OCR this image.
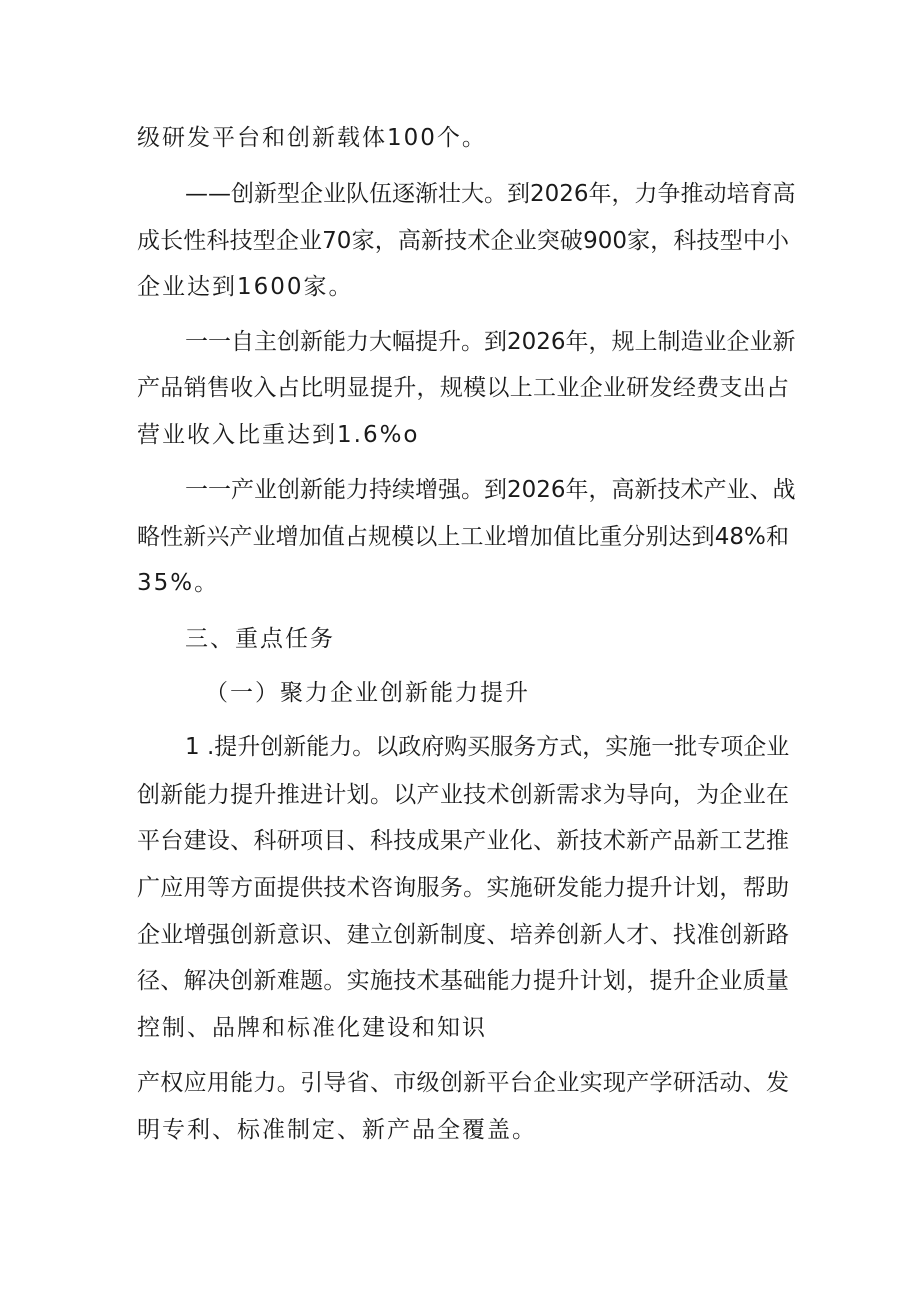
级研发平台和创新载体100个。
——创新型企业队伍逐渐壮大。到2026年，力争推动培育高
成长性科技型企业70家，高新技术企业突破900家，科技型中小
企业达到1600家。
一一自主创新能力大幅提升。到2026年，规上制造业企业新
产品销售收入占比明显提升，规模以上工业企业研发经费支出占
营业收入比重达到1.6%o
一一产业创新能力持续增强。到2026年，高新技术产业、战
略性新兴产业增加值占规模以上工业增加值比重分别达到48%和
35%。
三、重点任务
（一）聚力企业创新能力提升
1 .提升创新能力。以政府购买服务方式，实施一批专项企业
创新能力提升推进计划。以产业技术创新需求为导向，为企业在
平台建设、科研项目、科技成果产业化、新技术新产品新工艺推
广应用等方面提供技术咨询服务。实施研发能力提升计划，帮助
企业增强创新意识、建立创新制度、培养创新人才、找准创新路
径、解决创新难题。实施技术基础能力提升计划，提升企业质量
控制、品牌和标准化建设和知识
产权应用能力。引导省、市级创新平台企业实现产学研活动、发
明专利、标准制定、新产品全覆盖。
